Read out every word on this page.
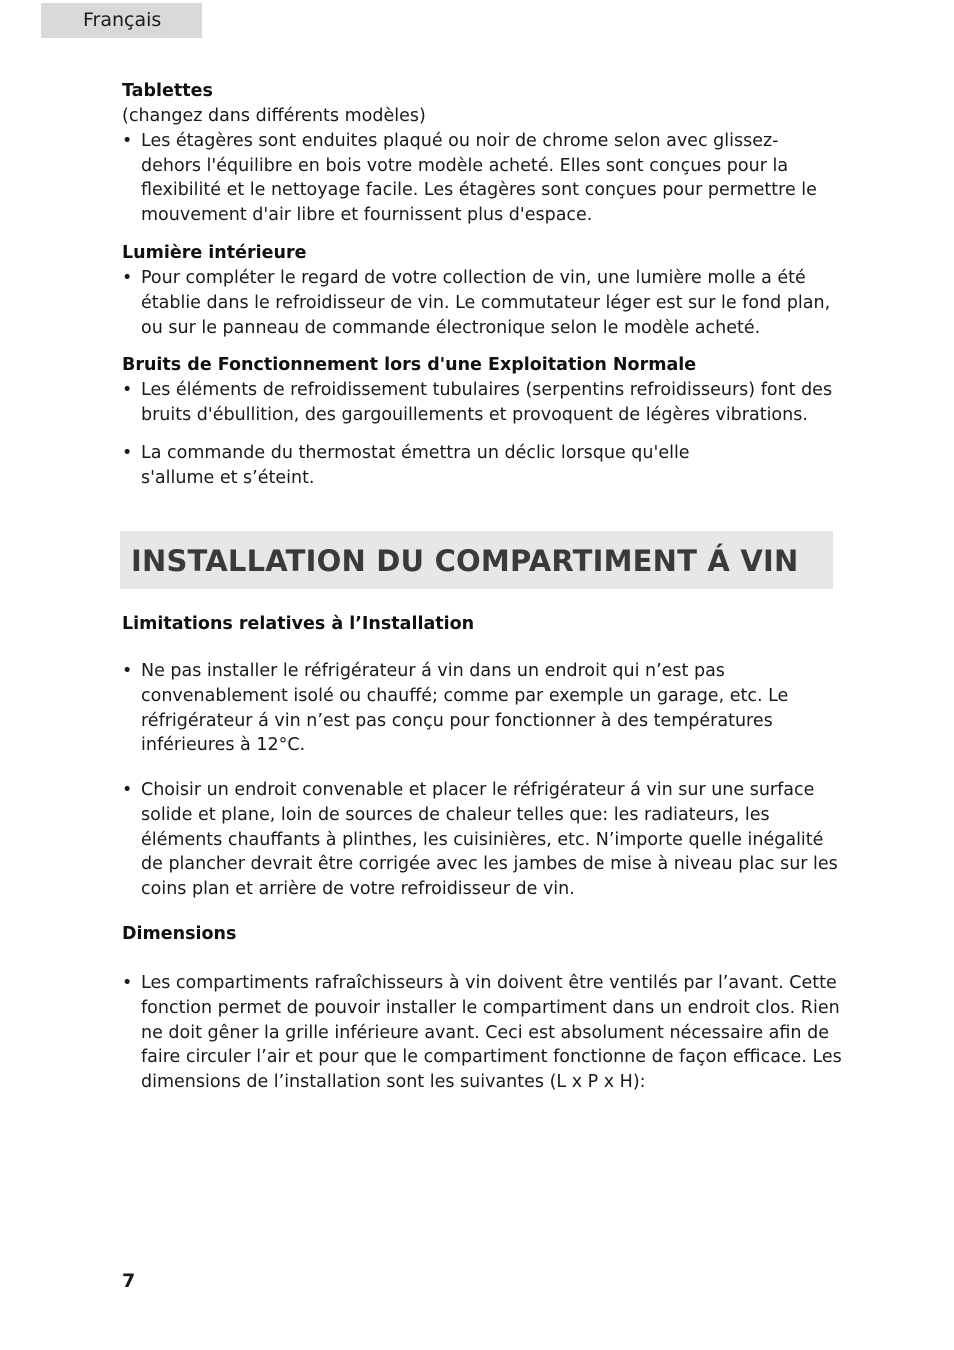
Français

Tablettes

(changez dans différents modèles)

• Les étagères sont enduites plaqué ou noir de chrome selon avec glissez-dehors l'équilibre en bois votre modèle acheté. Elles sont conçues pour la flexibilité et le nettoyage facile. Les étagères sont conçues pour permettre le mouvement d'air libre et fournissent plus d'espace.

Lumière intérieure

• Pour compléter le regard de votre collection de vin, une lumière molle a été établie dans le refroidisseur de vin. Le commutateur léger est sur le fond plan, ou sur le panneau de commande électronique selon le modèle acheté.

Bruits de Fonctionnement lors d'une Exploitation Normale

• Les éléments de refroidissement tubulaires (serpentins refroidisseurs) font des bruits d'ébullition, des gargouillements et provoquent de légères vibrations.

• La commande du thermostat émettra un déclic lorsque qu'elle s'allume et s’éteint.

INSTALLATION DU COMPARTIMENT Á VIN

Limitations relatives à l’Installation

• Ne pas installer le réfrigérateur á vin dans un endroit qui n’est pas convenablement isolé ou chauffé; comme par exemple un garage, etc. Le réfrigérateur á vin n’est pas conçu pour fonctionner à des températures inférieures à 12°C.

• Choisir un endroit convenable et placer le réfrigérateur á vin sur une surface solide et plane, loin de sources de chaleur telles que: les radiateurs, les éléments chauffants à plinthes, les cuisinières, etc. N’importe quelle inégalité de plancher devrait être corrigée avec les jambes de mise à niveau plac sur les coins plan et arrière de votre refroidisseur de vin.

Dimensions

• Les compartiments rafraîchisseurs à vin doivent être ventilés par l’avant. Cette fonction permet de pouvoir installer le compartiment dans un endroit clos. Rien ne doit gêner la grille inférieure avant. Ceci est absolument nécessaire afin de faire circuler l’air et pour que le compartiment fonctionne de façon efficace. Les dimensions de l’installation sont les suivantes (L x P x H):

7
